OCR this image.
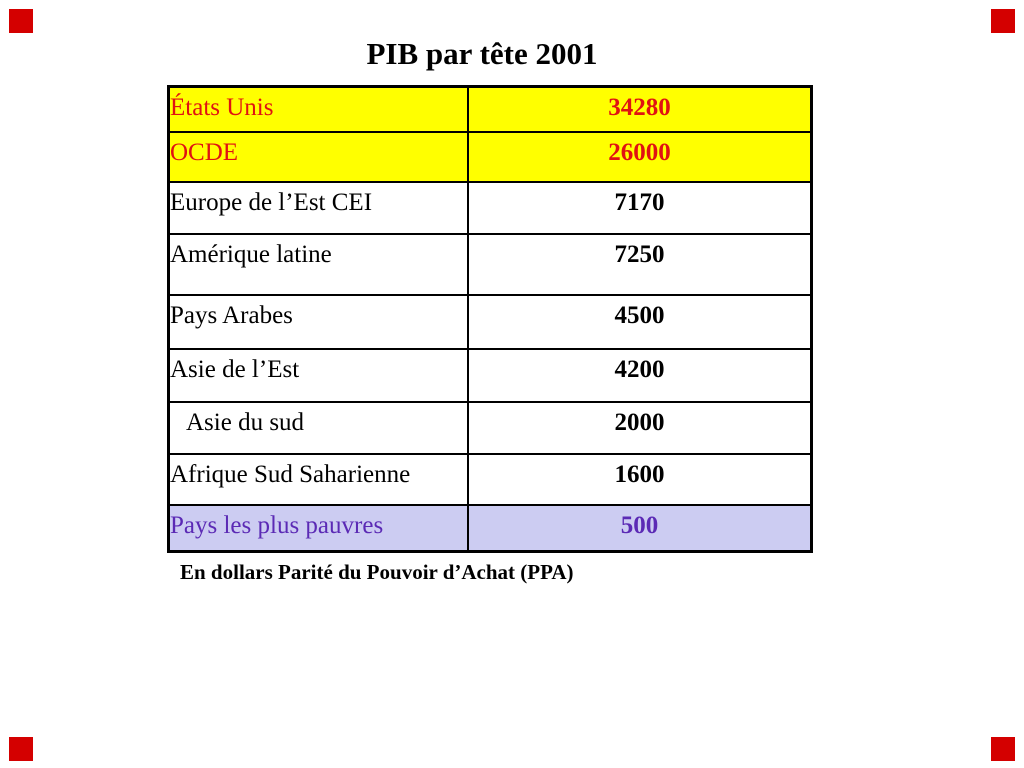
PIB par tête 2001
États Unis	34280
OCDE	26000
Europe de l’Est CEI	7170
Amérique latine	7250
Pays Arabes	4500
Asie de l’Est	4200
Asie du sud	2000
Afrique Sud Saharienne	1600
Pays les plus pauvres	500
En dollars Parité du Pouvoir d’Achat (PPA)
